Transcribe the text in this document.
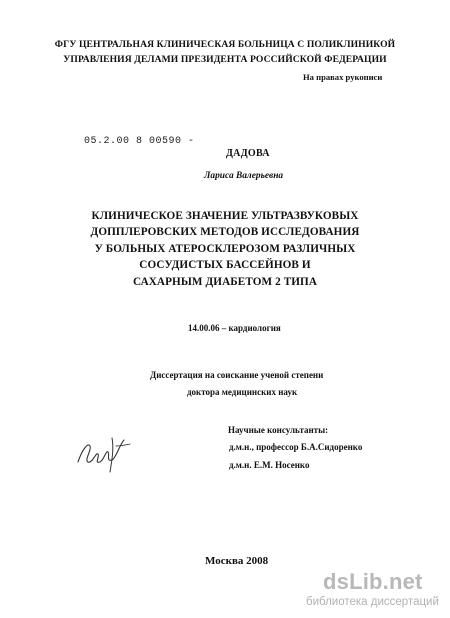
ФГУ ЦЕНТРАЛЬНАЯ КЛИНИЧЕСКАЯ БОЛЬНИЦА С ПОЛИКЛИНИКОЙ
УПРАВЛЕНИЯ ДЕЛАМИ ПРЕЗИДЕНТА РОССИЙСКОЙ ФЕДЕРАЦИИ
На правах рукописи
05.2.00 8 00590 -
ДАДОВА
Лариса Валерьевна
КЛИНИЧЕСКОЕ ЗНАЧЕНИЕ УЛЬТРАЗВУКОВЫХ
ДОППЛЕРОВСКИХ МЕТОДОВ ИССЛЕДОВАНИЯ
У БОЛЬНЫХ АТЕРОСКЛЕРОЗОМ РАЗЛИЧНЫХ
СОСУДИСТЫХ БАССЕЙНОВ И
САХАРНЫМ ДИАБЕТОМ 2 ТИПА
14.00.06 – кардиология
Диссертация на соискание ученой степени
доктора медицинских наук
Научные консультанты:
д.м.н., профессор Б.А.Сидоренко
д.м.н. Е.М. Носенко
Москва 2008
dsLib.net
библиотека диссертаций
